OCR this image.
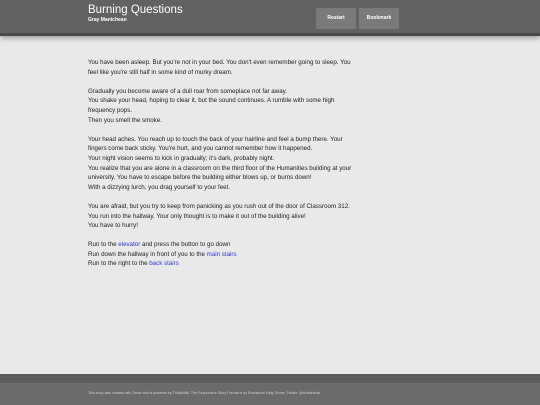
Burning Questions
Gray Manichean	Restart	Bookmark

You have been asleep. But you're not in your bed. You don't even remember going to sleep. You feel like you're still half in some kind of murky dream.

Gradually you become aware of a dull roar from someplace not far away.
You shake your head, hoping to clear it, but the sound continues. A rumble with some high frequency pops.
Then you smell the smoke.

Your head aches. You reach up to touch the back of your hairline and feel a bump there. Your fingers come back sticky. You're hurt, and you cannot remember how it happened.
Your night vision seems to kick in gradually; it's dark, probably night.
You realize that you are alone in a classroom on the third floor of the Humanities building at your university. You have to escape before the building either blows up, or burns down!
With a dizzying lurch, you drag yourself to your feet.

You are afraid, but you try to keep from panicking as you rush out of the door of Classroom 312.
You run into the hallway. Your only thought is to make it out of the building alive!
You have to hurry!

Run to the elevator and press the button to go down
Run down the hallway in front of you to the main stairs
Run to the right to the back stairs

This story was created with Twine and is powered by TiddlyWiki. The Responsive Story Format is by Emmanuel King Turner. Twitter: @dotminimal
